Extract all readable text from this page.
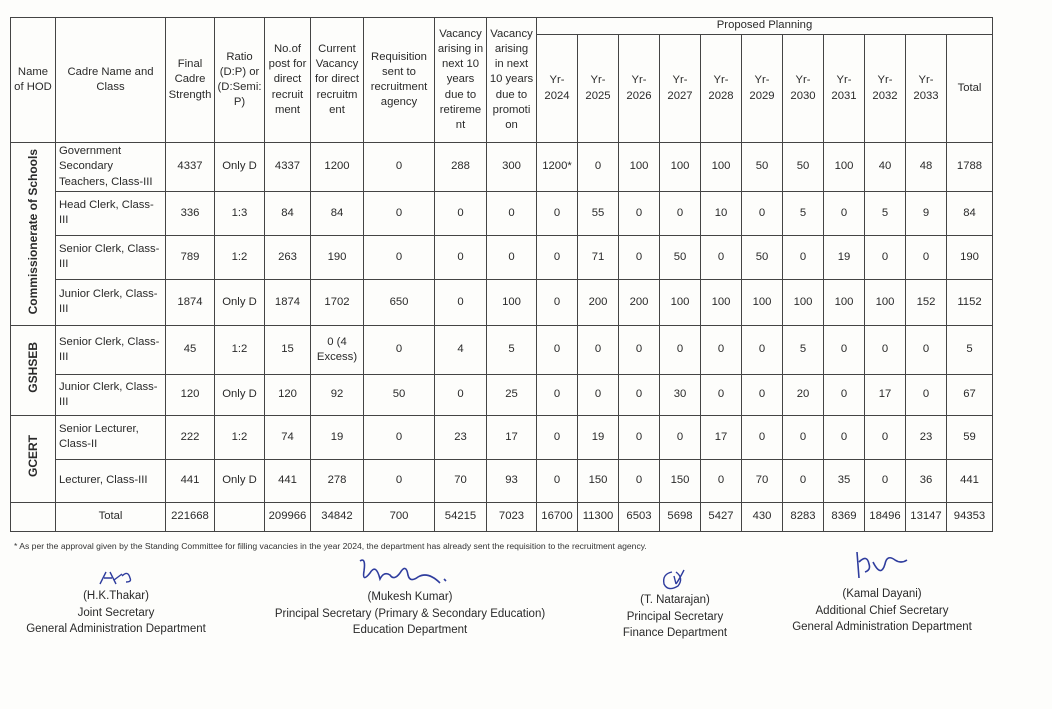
Name of HOD	Cadre Name and Class	Final Cadre Strength	Ratio (D:P) or (D:Semi: P)	No.of post for direct recruit ment	Current Vacancy for direct recruitm ent	Requisition sent to recruitment agency	Vacancy arising in next 10 years due to retireme nt	Vacancy arising in next 10 years due to promoti on	Proposed Planning										
									Yr-2024	Yr-2025	Yr-2026	Yr-2027	Yr-2028	Yr-2029	Yr-2030	Yr-2031	Yr-2032	Yr-2033	Total
Commissionerate of Schools	Government Secondary Teachers, Class-III	4337	Only D	4337	1200	0	288	300	1200*	0	100	100	100	50	50	100	40	48	1788
	Head Clerk, Class-III	336	1:3	84	84	0	0	0	0	55	0	0	10	0	5	0	5	9	84
	Senior Clerk, Class-III	789	1:2	263	190	0	0	0	0	71	0	50	0	50	0	19	0	0	190
	Junior Clerk, Class-III	1874	Only D	1874	1702	650	0	100	0	200	200	100	100	100	100	100	100	152	1152
GSHSEB	Senior Clerk, Class-III	45	1:2	15	0 (4 Excess)	0	4	5	0	0	0	0	0	0	5	0	0	0	5
	Junior Clerk, Class-III	120	Only D	120	92	50	0	25	0	0	0	30	0	0	20	0	17	0	67
GCERT	Senior Lecturer, Class-II	222	1:2	74	19	0	23	17	0	19	0	0	17	0	0	0	0	23	59
	Lecturer, Class-III	441	Only D	441	278	0	70	93	0	150	0	150	0	70	0	35	0	36	441
	Total	221668		209966	34842	700	54215	7023	16700	11300	6503	5698	5427	430	8283	8369	18496	13147	94353
* As per the approval given by the Standing Committee for filling vacancies in the year 2024, the department has already sent the requisition to the recruitment agency.
(H.K.Thakar)
Joint Secretary
General Administration Department
(Mukesh Kumar)
Principal Secretary (Primary & Secondary Education)
Education Department
(T. Natarajan)
Principal Secretary
Finance Department
(Kamal Dayani)
Additional Chief Secretary
General Administration Department
